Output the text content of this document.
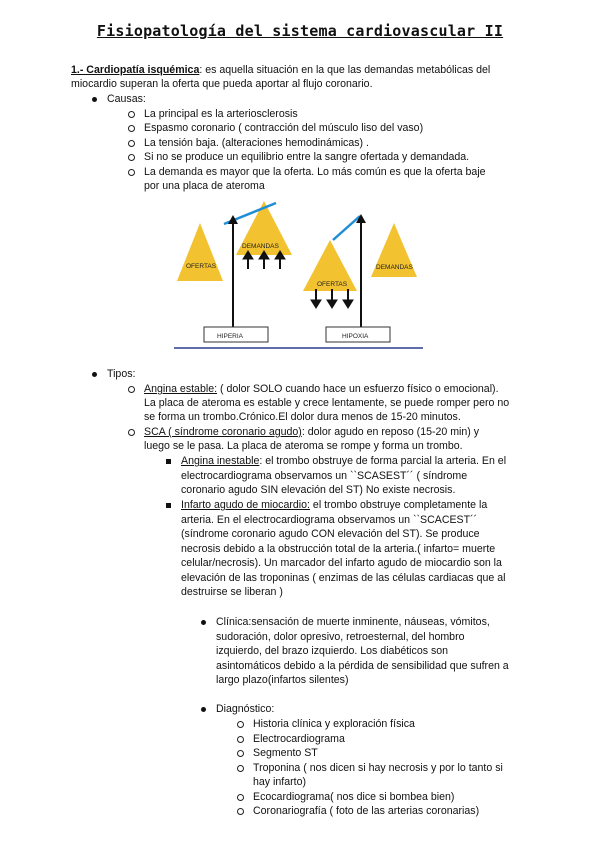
Fisiopatología del sistema cardiovascular II
1.- Cardiopatía isquémica: es aquella situación en la que las demandas metabólicas del
miocardio superan la oferta que pueda aportar al flujo coronario.
Causas:
La principal es la arteriosclerosis
Espasmo coronario ( contracción del músculo liso del vaso)
La tensión baja. (alteraciones hemodinámicas) .
Si no se produce un equilibrio entre la sangre ofertada y demandada.
La demanda es mayor que la oferta. Lo más común es que la oferta baje
por una placa de ateroma
OFERTAS
DEMANDAS
HIPERIA
OFERTAS
DEMANDAS
HIPOXIA
Tipos:
Angina estable: ( dolor SOLO cuando hace un esfuerzo físico o emocional).
La placa de ateroma es estable y crece lentamente, se puede romper pero no
se forma un trombo.Crónico.El dolor dura menos de 15-20 minutos.
SCA ( síndrome coronario agudo): dolor agudo en reposo (15-20 min) y
luego se le pasa. La placa de ateroma se rompe y forma un trombo.
Angina inestable: el trombo obstruye de forma parcial la arteria. En el
electrocardiograma observamos un ``SCASEST´´ ( síndrome
coronario agudo SIN elevación del ST) No existe necrosis.
Infarto agudo de miocardio: el trombo obstruye completamente la
arteria. En el electrocardiograma observamos un ``SCACEST´´
(síndrome coronario agudo CON elevación del ST). Se produce
necrosis debido a la obstrucción total de la arteria.( infarto= muerte
celular/necrosis). Un marcador del infarto agudo de miocardio son la
elevación de las troponinas ( enzimas de las células cardiacas que al
destruirse se liberan )
Clínica:sensación de muerte inminente, náuseas, vómitos,
sudoración, dolor opresivo, retroesternal, del hombro
izquierdo, del brazo izquierdo. Los diabéticos son
asintomáticos debido a la pérdida de sensibilidad que sufren a
largo plazo(infartos silentes)
Diagnóstico:
Historia clínica y exploración física
Electrocardiograma
Segmento ST
Troponina ( nos dicen si hay necrosis y por lo tanto si
hay infarto)
Ecocardiograma( nos dice si bombea bien)
Coronariografía ( foto de las arterias coronarias)
